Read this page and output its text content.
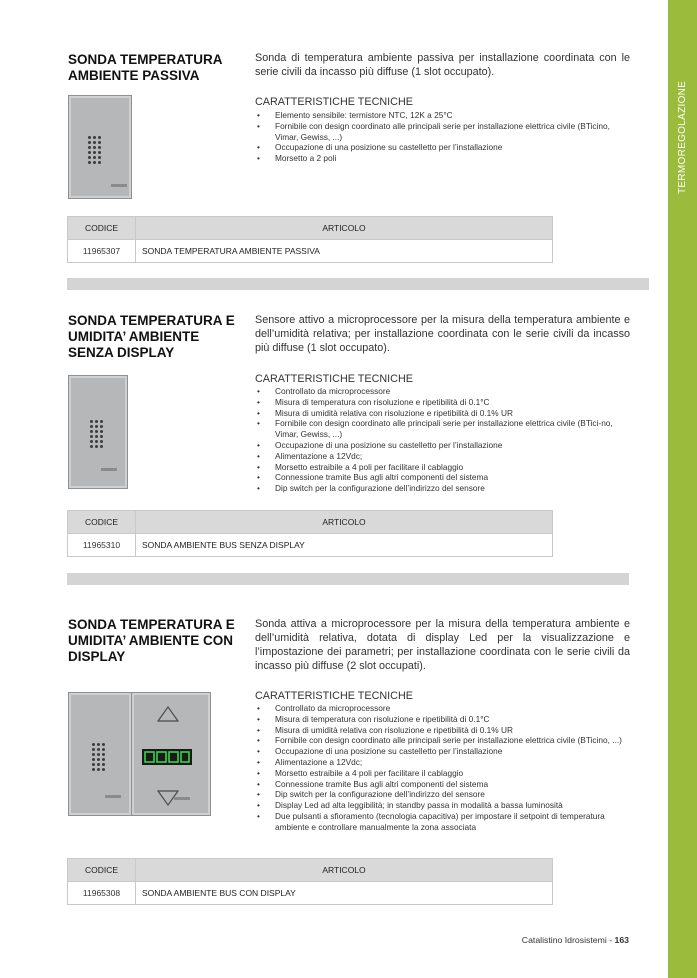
TERMOREGOLAZIONE
SONDA TEMPERATURA AMBIENTE PASSIVA
Sonda di temperatura ambiente passiva per installazione coordinata con le serie civili da incasso più diffuse (1 slot occupato).
CARATTERISTICHE TECNICHE
• Elemento sensibile: termistore NTC, 12K a 25°C
• Fornibile con design coordinato alle principali serie per installazione elettrica civile (BTicino, Vimar, Gewiss, ...)
• Occupazione di una posizione su castelletto per l’installazione
• Morsetto a 2 poli
CODICE	ARTICOLO
11965307	SONDA TEMPERATURA AMBIENTE PASSIVA
SONDA TEMPERATURA E UMIDITA’ AMBIENTE SENZA DISPLAY
Sensore attivo a microprocessore per la misura della temperatura ambiente e dell’umidità relativa; per installazione coordinata con le serie civili da incasso più diffuse (1 slot occupato).
CARATTERISTICHE TECNICHE
• Controllato da microprocessore
• Misura di temperatura con risoluzione e ripetibilità di 0.1°C
• Misura di umidità relativa con risoluzione e ripetibilità di 0.1% UR
• Fornibile con design coordinato alle principali serie per installazione elettrica civile (BTici-no, Vimar, Gewiss, ...)
• Occupazione di una posizione su castelletto per l’installazione
• Alimentazione a 12Vdc;
• Morsetto estraibile a 4 poli per facilitare il cablaggio
• Connessione tramite Bus agli altri componenti del sistema
• Dip switch per la configurazione dell’indirizzo del sensore
CODICE	ARTICOLO
11965310	SONDA AMBIENTE BUS SENZA DISPLAY
SONDA TEMPERATURA E UMIDITA’ AMBIENTE CON DISPLAY
Sonda attiva a microprocessore per la misura della temperatura ambiente e dell’umidità relativa, dotata di display Led per la visualizzazione e l’impostazione dei parametri; per installazione coordinata con le serie civili da incasso più diffuse (2 slot occupati).
CARATTERISTICHE TECNICHE
• Controllato da microprocessore
• Misura di temperatura con risoluzione e ripetibilità di 0.1°C
• Misura di umidità relativa con risoluzione e ripetibilità di 0.1% UR
• Fornibile con design coordinato alle principali serie per installazione elettrica civile (BTicino, ...)
• Occupazione di una posizione su castelletto per l’installazione
• Alimentazione a 12Vdc;
• Morsetto estraibile a 4 poli per facilitare il cablaggio
• Connessione tramite Bus agli altri componenti del sistema
• Dip switch per la configurazione dell’indirizzo del sensore
• Display Led ad alta leggibilità; in standby passa in modalità a bassa luminosità
• Due pulsanti a sfioramento (tecnologia capacitiva) per impostare il setpoint di temperatura ambiente e controllare manualmente la zona associata
CODICE	ARTICOLO
11965308	SONDA AMBIENTE BUS CON DISPLAY
Catalistino Idrosistemi - 163
